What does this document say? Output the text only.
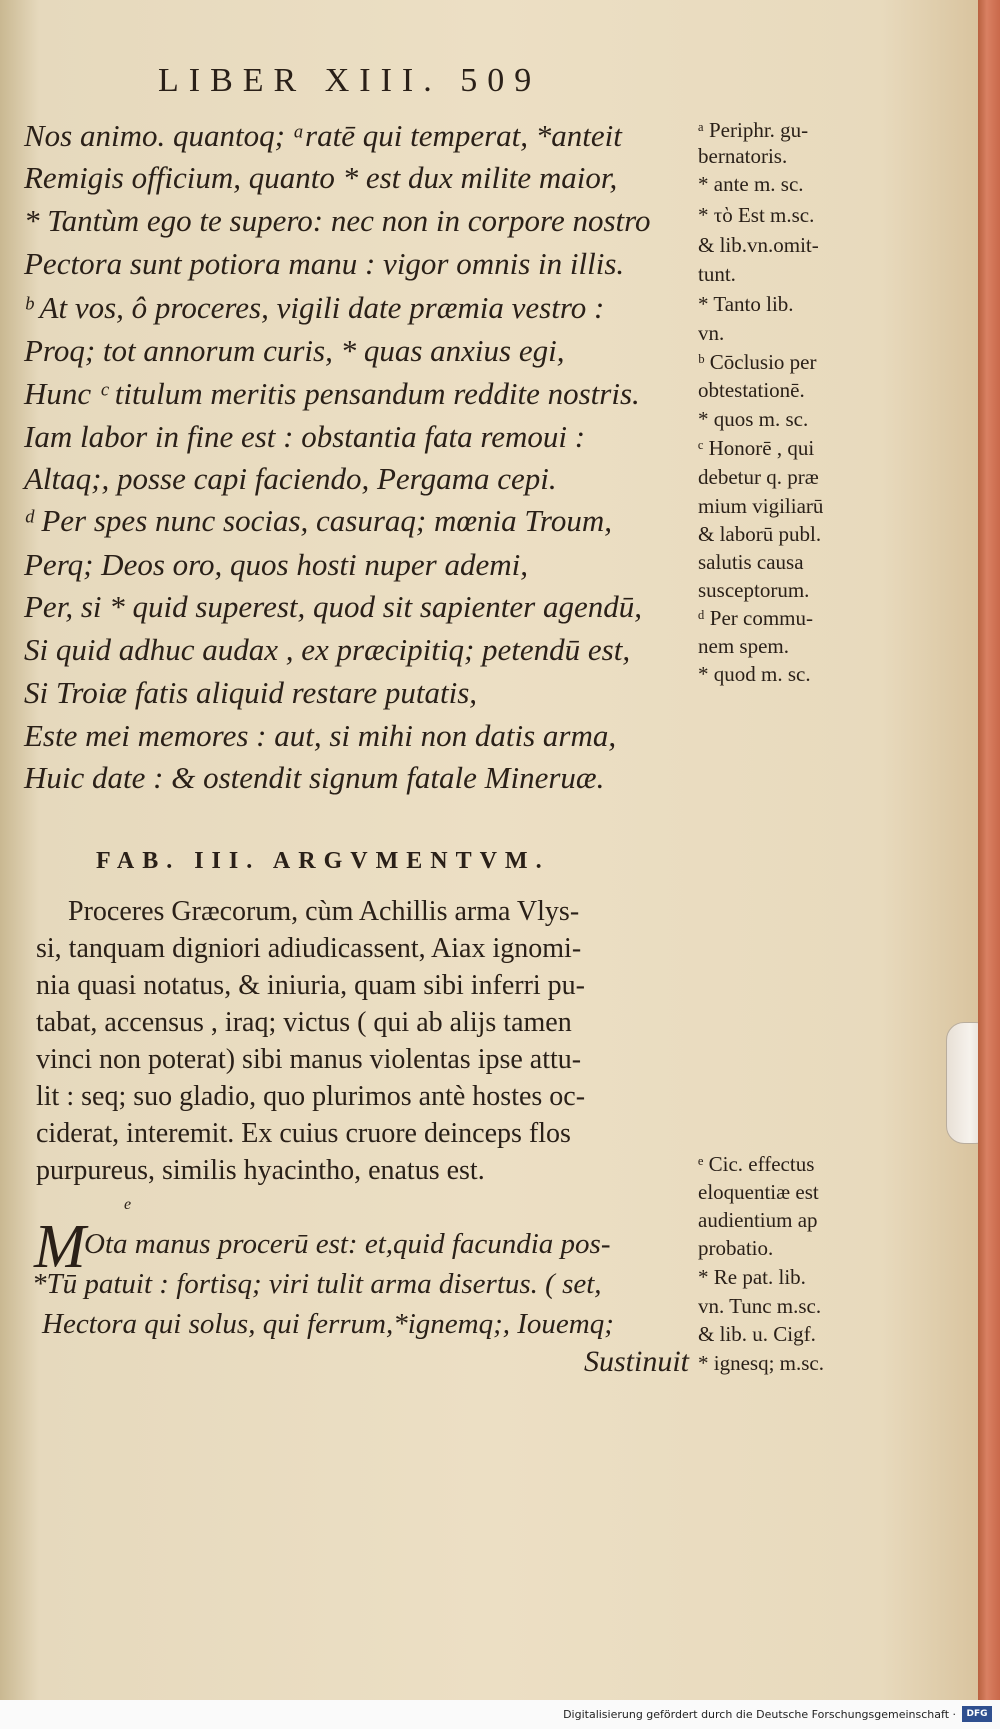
LIBER XIII. 509
Nos animo. quantoq; ᵃratē qui temperat, *anteit
Remigis officium, quanto * est dux milite maior,
* Tantùm ego te supero: nec non in corpore nostro
Pectora sunt potiora manu : vigor omnis in illis.
ᵇ At vos, ô proceres, vigili date præmia vestro :
Proq; tot annorum curis, * quas anxius egi,
Hunc ᶜ titulum meritis pensandum reddite nostris.
Iam labor in fine est : obstantia fata remoui :
Altaq;, posse capi faciendo, Pergama cepi.
ᵈ Per spes nunc socias, casuraq; mœnia Troum,
Perq; Deos oro, quos hosti nuper ademi,
Per, si * quid superest, quod sit sapienter agendū,
Si quid adhuc audax , ex præcipitiq; petendū est,
Si Troiæ fatis aliquid restare putatis,
Este mei memores : aut, si mihi non datis arma,
Huic date : & ostendit signum fatale Mineruæ.
ᵃ Periphr. gu-
bernatoris.
* ante m. sc.
* τὸ Est m.sc.
& lib.vn.omit-
tunt.
* Tanto lib.
vn.
ᵇ Cōclusio per
obtestationē.
* quos m. sc.
ᶜ Honorē , qui
debetur q. præ
mium vigiliarū
& laborū publ.
salutis causa
susceptorum.
ᵈ Per commu-
nem spem.
* quod m. sc.
FAB. III. ARGVMENTVM.
Proceres Græcorum, cùm Achillis arma Vlys-
si, tanquam digniori adiudicassent, Aiax ignomi-
nia quasi notatus, & iniuria, quam sibi inferri pu-
tabat, accensus , iraq; victus ( qui ab alijs tamen
vinci non poterat) sibi manus violentas ipse attu-
lit : seq; suo gladio, quo plurimos antè hostes oc-
ciderat, interemit. Ex cuius cruore deinceps flos
purpureus, similis hyacintho, enatus est.
e
M
Ota manus procerū est: et,quid facundia pos-
*Tū patuit : fortisq; viri tulit arma disertus. ( set,
Hectora qui solus, qui ferrum,*ignemq;, Iouemq;
Sustinuit
ᵉ Cic. effectus
eloquentiæ est
audientium ap
probatio.
* Re pat. lib.
vn. Tunc m.sc.
& lib. u. Cigf.
* ignesq; m.sc.
Digitalisierung gefördert durch die Deutsche Forschungsgemeinschaft ·	DFG
